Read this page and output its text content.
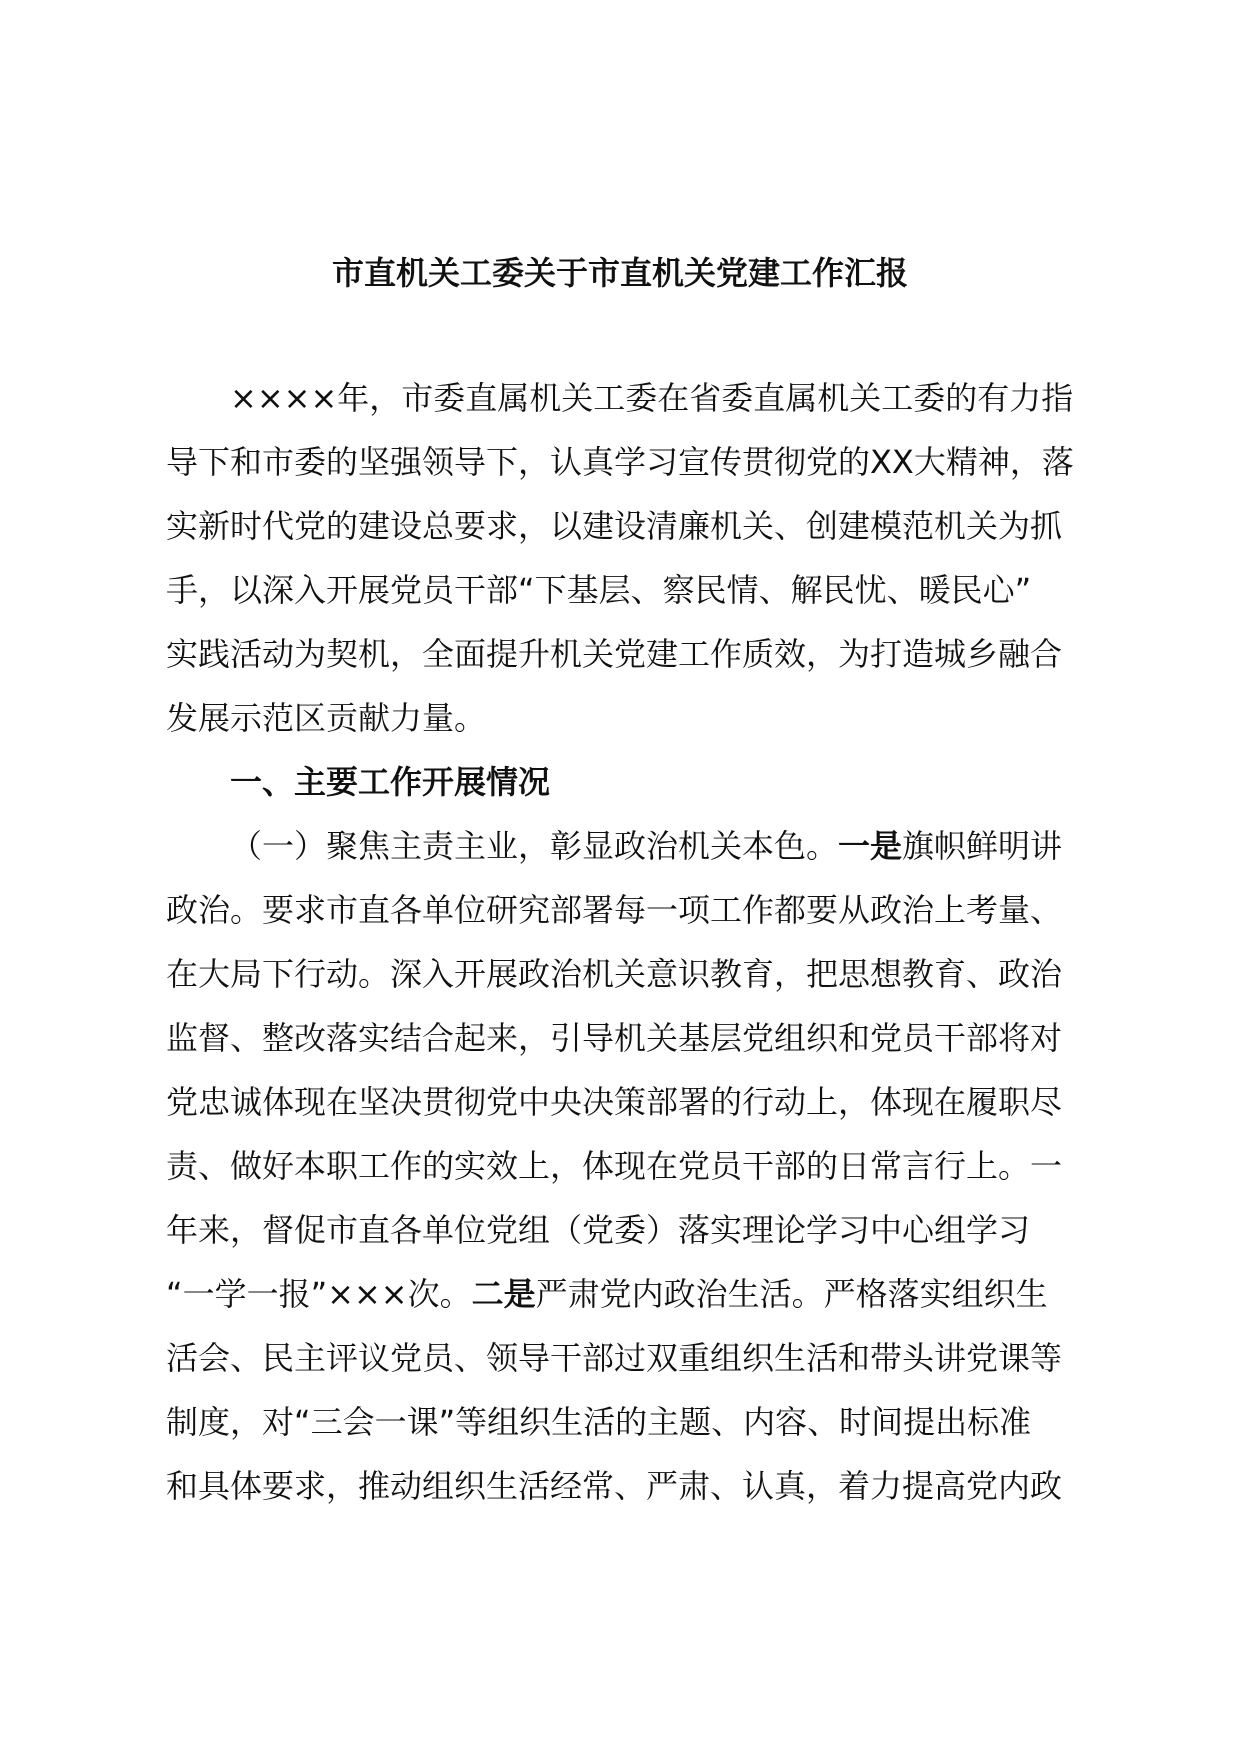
市直机关工委关于市直机关党建工作汇报
××××年，市委直属机关工委在省委直属机关工委的有力指
导下和市委的坚强领导下，认真学习宣传贯彻党的XX大精神，落
实新时代党的建设总要求，以建设清廉机关、创建模范机关为抓
手，以深入开展党员干部“下基层、察民情、解民忧、暖民心”
实践活动为契机，全面提升机关党建工作质效，为打造城乡融合
发展示范区贡献力量。
一、主要工作开展情况
（一）聚焦主责主业，彰显政治机关本色。一是旗帜鲜明讲
政治。要求市直各单位研究部署每一项工作都要从政治上考量、
在大局下行动。深入开展政治机关意识教育，把思想教育、政治
监督、整改落实结合起来，引导机关基层党组织和党员干部将对
党忠诚体现在坚决贯彻党中央决策部署的行动上，体现在履职尽
责、做好本职工作的实效上，体现在党员干部的日常言行上。一
年来，督促市直各单位党组（党委）落实理论学习中心组学习
“一学一报”×××次。二是严肃党内政治生活。严格落实组织生
活会、民主评议党员、领导干部过双重组织生活和带头讲党课等
制度，对“三会一课”等组织生活的主题、内容、时间提出标准
和具体要求，推动组织生活经常、严肃、认真，着力提高党内政
